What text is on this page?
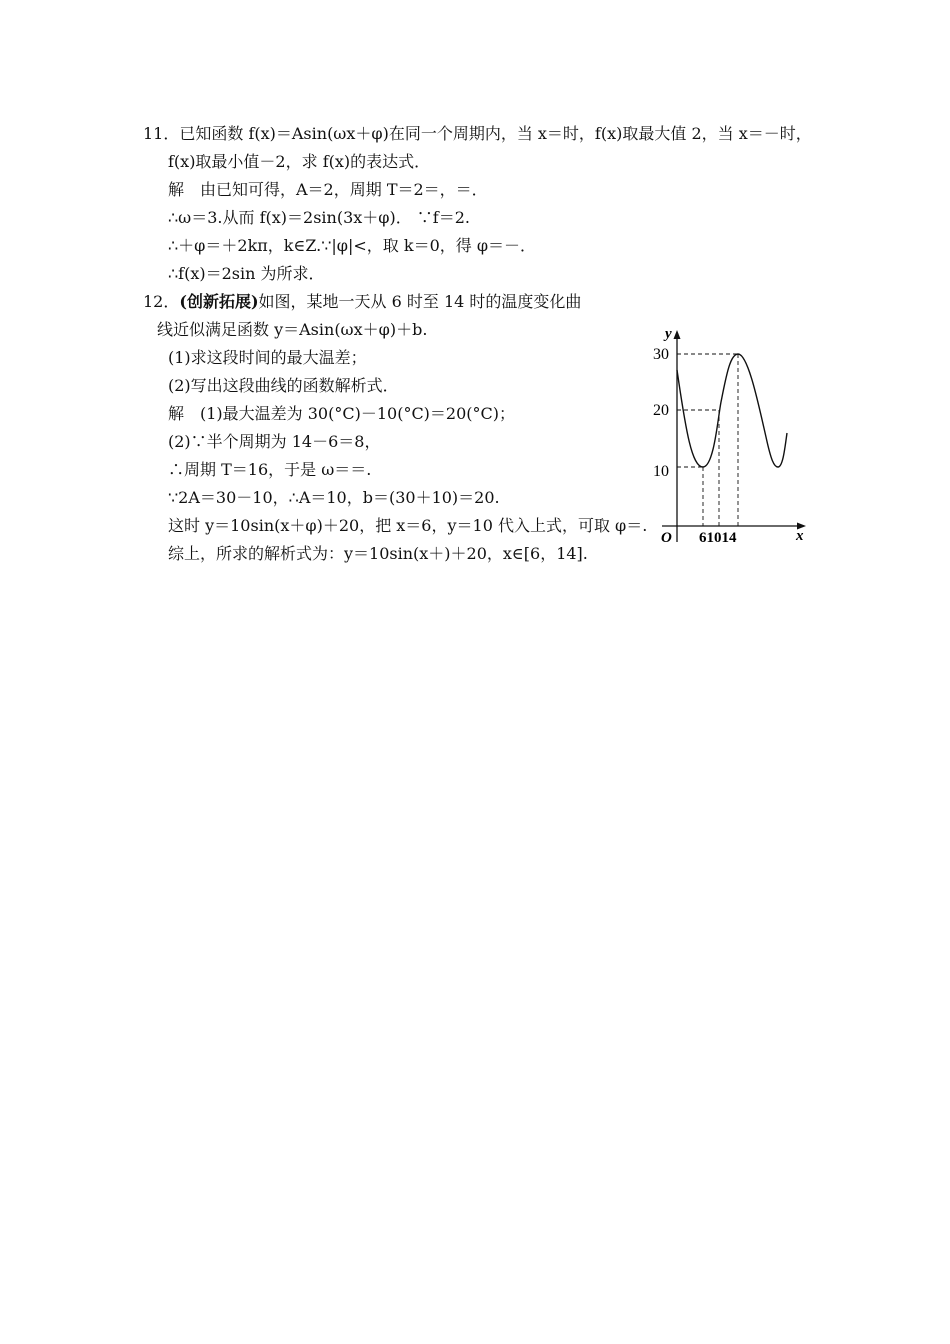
11．已知函数 f(x)＝Asin(ωx＋φ)在同一个周期内，当 x＝时，f(x)取最大值 2，当 x＝－时，
f(x)取最小值－2，求 f(x)的表达式．
解　由已知可得，A＝2，周期 T＝2＝，＝．
∴ω＝3.从而 f(x)＝2sin(3x＋φ)． ∵f＝2.
∴＋φ＝＋2kπ，k∈Z.∵|φ|<，取 k＝0，得 φ＝－．
∴f(x)＝2sin 为所求．
12．(创新拓展)如图，某地一天从 6 时至 14 时的温度变化曲
线近似满足函数 y＝Asin(ωx＋φ)＋b.
(1)求这段时间的最大温差；
(2)写出这段曲线的函数解析式．
解　(1)最大温差为 30(°C)－10(°C)＝20(°C)；
(2)∵半个周期为 14－6＝8，
∴周期 T＝16，于是 ω＝＝.
∵2A＝30－10，∴A＝10，b＝(30＋10)＝20.
这时 y＝10sin(x＋φ)＋20，把 x＝6，y＝10 代入上式，可取 φ＝.
综上，所求的解析式为：y＝10sin(x＋)＋20，x∈[6，14].
y
x
O
30
20
10
61014
